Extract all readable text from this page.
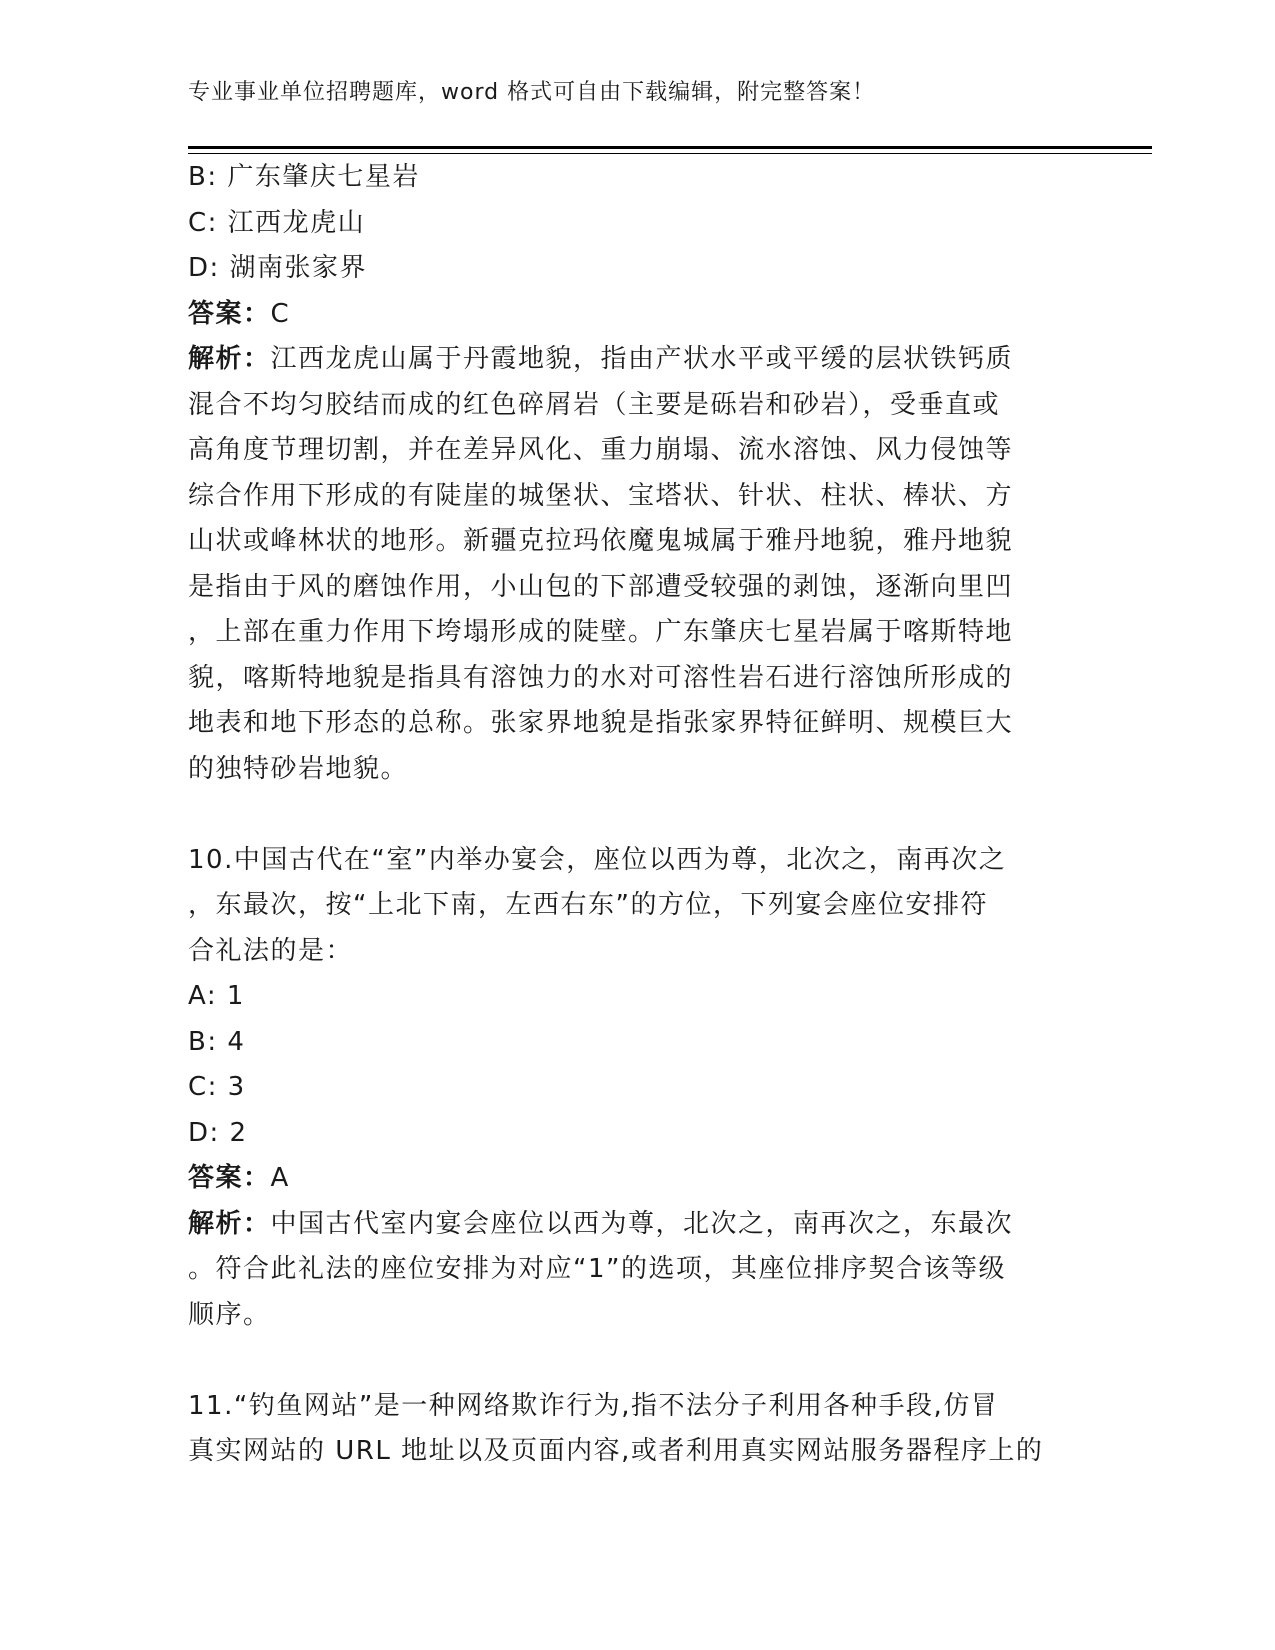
专业事业单位招聘题库，word 格式可自由下载编辑，附完整答案！
B: 广东肇庆七星岩
C: 江西龙虎山
D: 湖南张家界
答案：C
解析：江西龙虎山属于丹霞地貌，指由产状水平或平缓的层状铁钙质
混合不均匀胶结而成的红色碎屑岩（主要是砾岩和砂岩），受垂直或
高角度节理切割，并在差异风化、重力崩塌、流水溶蚀、风力侵蚀等
综合作用下形成的有陡崖的城堡状、宝塔状、针状、柱状、棒状、方
山状或峰林状的地形。新疆克拉玛依魔鬼城属于雅丹地貌，雅丹地貌
是指由于风的磨蚀作用，小山包的下部遭受较强的剥蚀，逐渐向里凹
，上部在重力作用下垮塌形成的陡壁。广东肇庆七星岩属于喀斯特地
貌，喀斯特地貌是指具有溶蚀力的水对可溶性岩石进行溶蚀所形成的
地表和地下形态的总称。张家界地貌是指张家界特征鲜明、规模巨大
的独特砂岩地貌。
10.中国古代在“室”内举办宴会，座位以西为尊，北次之，南再次之
，东最次，按“上北下南，左西右东”的方位，下列宴会座位安排符
合礼法的是：
A: 1
B: 4
C: 3
D: 2
答案：A
解析：中国古代室内宴会座位以西为尊，北次之，南再次之，东最次
。符合此礼法的座位安排为对应“1”的选项，其座位排序契合该等级
顺序。
11.“钓鱼网站”是一种网络欺诈行为,指不法分子利用各种手段,仿冒
真实网站的 URL 地址以及页面内容,或者利用真实网站服务器程序上的
